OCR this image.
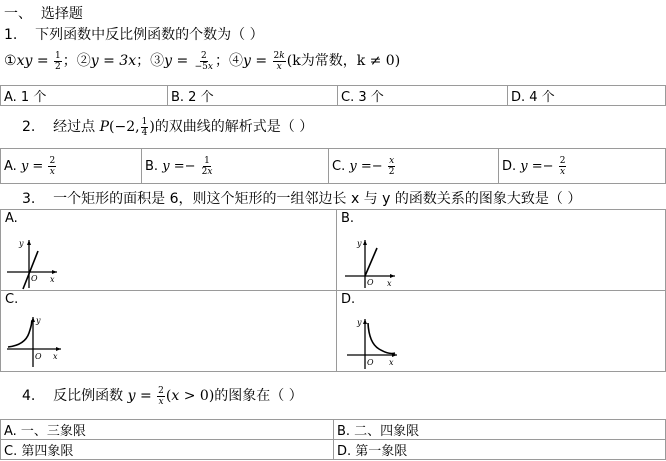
一、 选择题
1. 下列函数中反比例函数的个数为（ ）
①xy = $\frac{1}{2}$ ；②y = 3x；③y = $\frac{2}{-5x}$ ；④y = $\frac{2k}{x} (k$为常数，k ≠ 0)
A. 1 个	B. 2 个	C. 3 个	D. 4 个
2. 经过点 P(−2, $\frac{1}{4}$ )的双曲线的解析式是（ ）
A. $y = \frac{2}{x}$	B. $y =- \frac{1}{2x}$	C. $y =- \frac{x}{2}$	D. $y =- \frac{2}{x}$
3. 一个矩形的面积是 6，则这个矩形的一组邻边长 x 与 y 的函数关系的图象大致是（ ）
A.
y
O x
B.
y
O x
C.
y
O x
D.
y
O x
4. 反比例函数 $y = \frac{2}{x} (x > 0)$的图象在（ ）
A. 一、三象限	B. 二、四象限
C. 第四象限	D. 第一象限
